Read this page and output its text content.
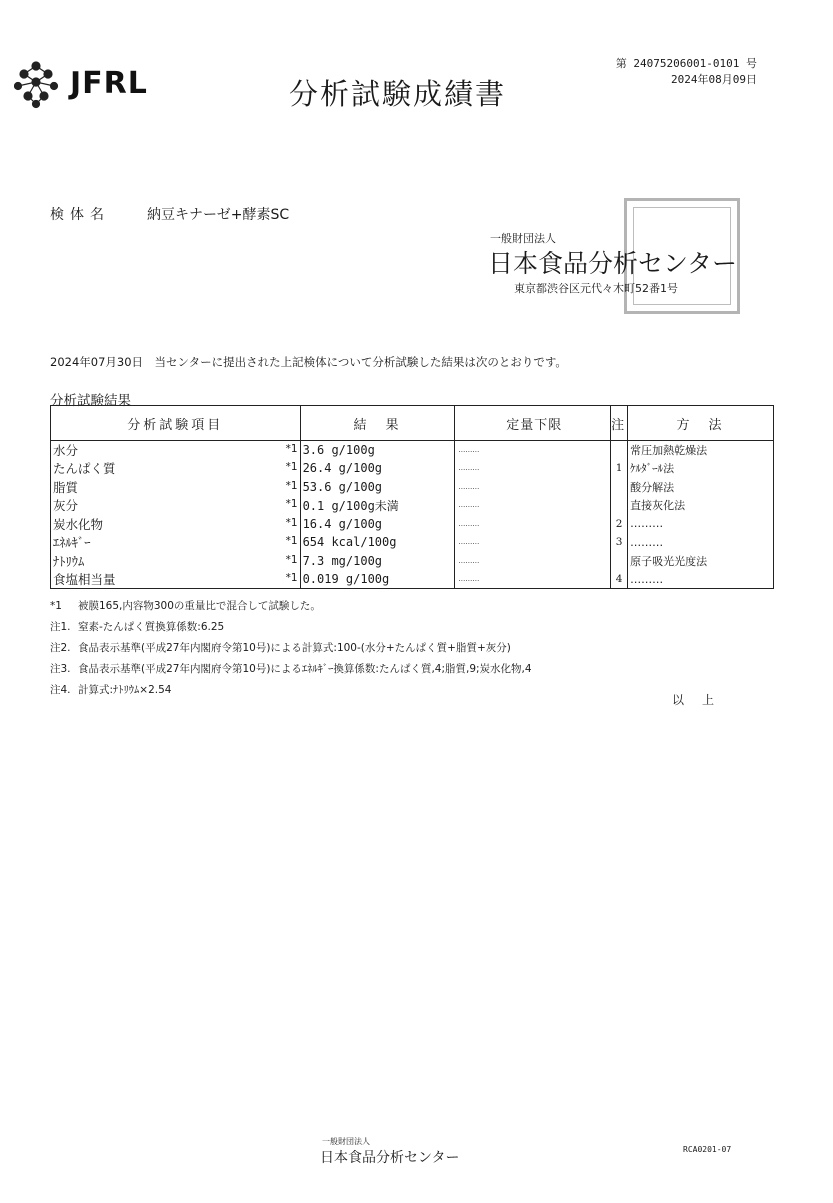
JFRL	分析試験成績書
第 24075206001-0101 号
2024年08月09日
検体名	納豆キナーゼ+酵素SC
一般財団法人
日本食品分析センター
東京都渋谷区元代々木町52番1号
2024年07月30日　当センターに提出された上記検体について分析試験した結果は次のとおりです。
分析試験結果
分析試験項目	結　果	定量下限	注	方　法
水分 *1	3.6 g/100g	………		常圧加熱乾燥法
たんぱく質 *1	26.4 g/100g	………	1	ｹﾙﾀﾞｰﾙ法
脂質 *1	53.6 g/100g	………		酸分解法
灰分 *1	0.1 g/100g未満	………		直接灰化法
炭水化物 *1	16.4 g/100g	………	2	………
ｴﾈﾙｷﾞｰ *1	654 kcal/100g	………	3	………
ﾅﾄﾘｳﾑ *1	7.3 mg/100g	………		原子吸光光度法
食塩相当量 *1	0.019 g/100g	………	4	………
*1 被膜165,内容物300の重量比で混合して試験した。
注1. 窒素-たんぱく質換算係数:6.25
注2. 食品表示基準(平成27年内閣府令第10号)による計算式:100-(水分+たんぱく質+脂質+灰分)
注3. 食品表示基準(平成27年内閣府令第10号)によるｴﾈﾙｷﾞｰ換算係数:たんぱく質,4;脂質,9;炭水化物,4
注4. 計算式:ﾅﾄﾘｳﾑ×2.54
以上
一般財団法人
日本食品分析センター
RCA0201-07
